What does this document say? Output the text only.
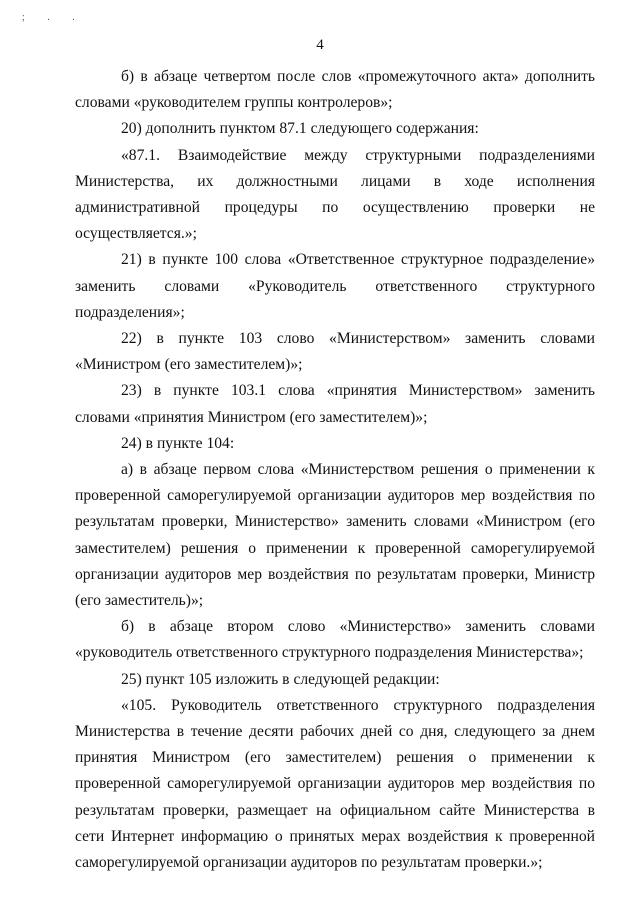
; . .
4

б) в абзаце четвертом после слов «промежуточного акта» дополнить словами «руководителем группы контролеров»;

20) дополнить пунктом 87.1 следующего содержания:

«87.1. Взаимодействие между структурными подразделениями Министерства, их должностными лицами в ходе исполнения административной процедуры по осуществлению проверки не осуществляется.»;

21) в пункте 100 слова «Ответственное структурное подразделение» заменить словами «Руководитель ответственного структурного подразделения»;

22) в пункте 103 слово «Министерством» заменить словами «Министром (его заместителем)»;

23) в пункте 103.1 слова «принятия Министерством» заменить словами «принятия Министром (его заместителем)»;

24) в пункте 104:

а) в абзаце первом слова «Министерством решения о применении к проверенной саморегулируемой организации аудиторов мер воздействия по результатам проверки, Министерство» заменить словами «Министром (его заместителем) решения о применении к проверенной саморегулируемой организации аудиторов мер воздействия по результатам проверки, Министр (его заместитель)»;

б) в абзаце втором слово «Министерство» заменить словами «руководитель ответственного структурного подразделения Министерства»;

25) пункт 105 изложить в следующей редакции:

«105. Руководитель ответственного структурного подразделения Министерства в течение десяти рабочих дней со дня, следующего за днем принятия Министром (его заместителем) решения о применении к проверенной саморегулируемой организации аудиторов мер воздействия по результатам проверки, размещает на официальном сайте Министерства в сети Интернет информацию о принятых мерах воздействия к проверенной саморегулируемой организации аудиторов по результатам проверки.»;
